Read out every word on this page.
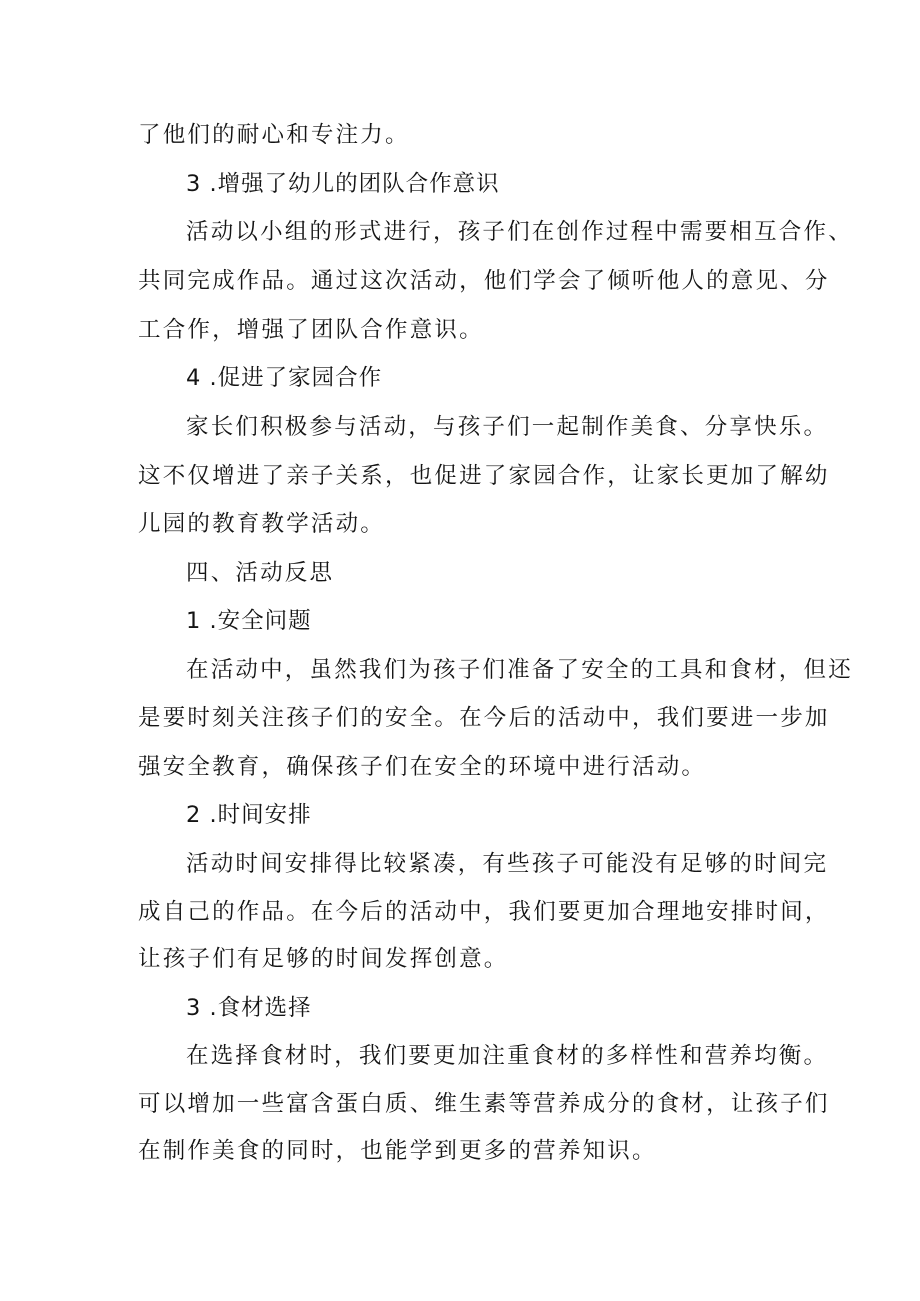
了他们的耐心和专注力。
3 .增强了幼儿的团队合作意识
活动以小组的形式进行，孩子们在创作过程中需要相互合作、
共同完成作品。通过这次活动，他们学会了倾听他人的意见、分
工合作，增强了团队合作意识。
4 .促进了家园合作
家长们积极参与活动，与孩子们一起制作美食、分享快乐。
这不仅增进了亲子关系，也促进了家园合作，让家长更加了解幼
儿园的教育教学活动。
四、活动反思
1 .安全问题
在活动中，虽然我们为孩子们准备了安全的工具和食材，但还
是要时刻关注孩子们的安全。在今后的活动中，我们要进一步加
强安全教育，确保孩子们在安全的环境中进行活动。
2 .时间安排
活动时间安排得比较紧凑，有些孩子可能没有足够的时间完
成自己的作品。在今后的活动中，我们要更加合理地安排时间，
让孩子们有足够的时间发挥创意。
3 .食材选择
在选择食材时，我们要更加注重食材的多样性和营养均衡。
可以增加一些富含蛋白质、维生素等营养成分的食材，让孩子们
在制作美食的同时，也能学到更多的营养知识。
